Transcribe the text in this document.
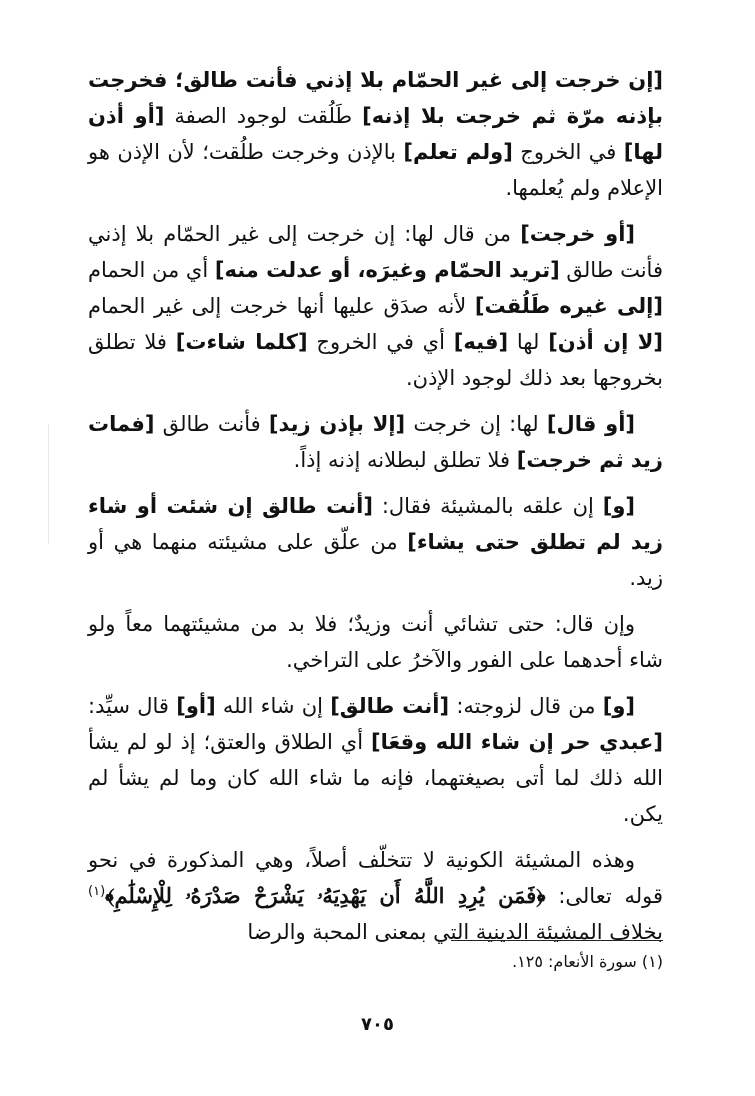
[إن خرجت إلى غير الحمّام بلا إذني فأنت طالق؛ فخرجت بإذنه مرّة ثم خرجت بلا إذنه] طَلُقت لوجود الصفة [أو أذن لها] في الخروج [ولم تعلم] بالإذن وخرجت طلُقت؛ لأن الإذن هو الإعلام ولم يُعلمها.

[أو خرجت] من قال لها: إن خرجت إلى غير الحمّام بلا إذني فأنت طالق [تريد الحمّام وغيرَه، أو عدلت منه] أي من الحمام [إلى غيره طَلُقت] لأنه صدَق عليها أنها خرجت إلى غير الحمام [لا إن أذن] لها [فيه] أي في الخروج [كلما شاءت] فلا تطلق بخروجها بعد ذلك لوجود الإذن.

[أو قال] لها: إن خرجت [إلا بإذن زيد] فأنت طالق [فمات زيد ثم خرجت] فلا تطلق لبطلانه إذنه إذاً.

[و] إن علقه بالمشيئة فقال: [أنت طالق إن شئت أو شاء زيد لم تطلق حتى يشاء] من علّق على مشيئته منهما هي أو زيد.

وإن قال: حتى تشائي أنت وزيدٌ؛ فلا بد من مشيئتهما معاً ولو شاء أحدهما على الفور والآخرُ على التراخي.

[و] من قال لزوجته: [أنت طالق] إن شاء الله [أو] قال سيِّد: [عبدي حر إن شاء الله وقعَا] أي الطلاق والعتق؛ إذ لو لم يشأ الله ذلك لما أتى بصيغتهما، فإنه ما شاء الله كان وما لم يشأ لم يكن.

وهذه المشيئة الكونية لا تتخلّف أصلاً، وهي المذكورة في نحو قوله تعالى: ﴿فَمَن يُرِدِ اللَّهُ أَن يَهْدِيَهُۥ يَشْرَحْ صَدْرَهُۥ لِلْإِسْلَٰمِ﴾$^{(١)}$ بخلاف المشيئة الدينية التي بمعنى المحبة والرضا

(١) سورة الأنعام: ١٢٥.
٧٠٥
